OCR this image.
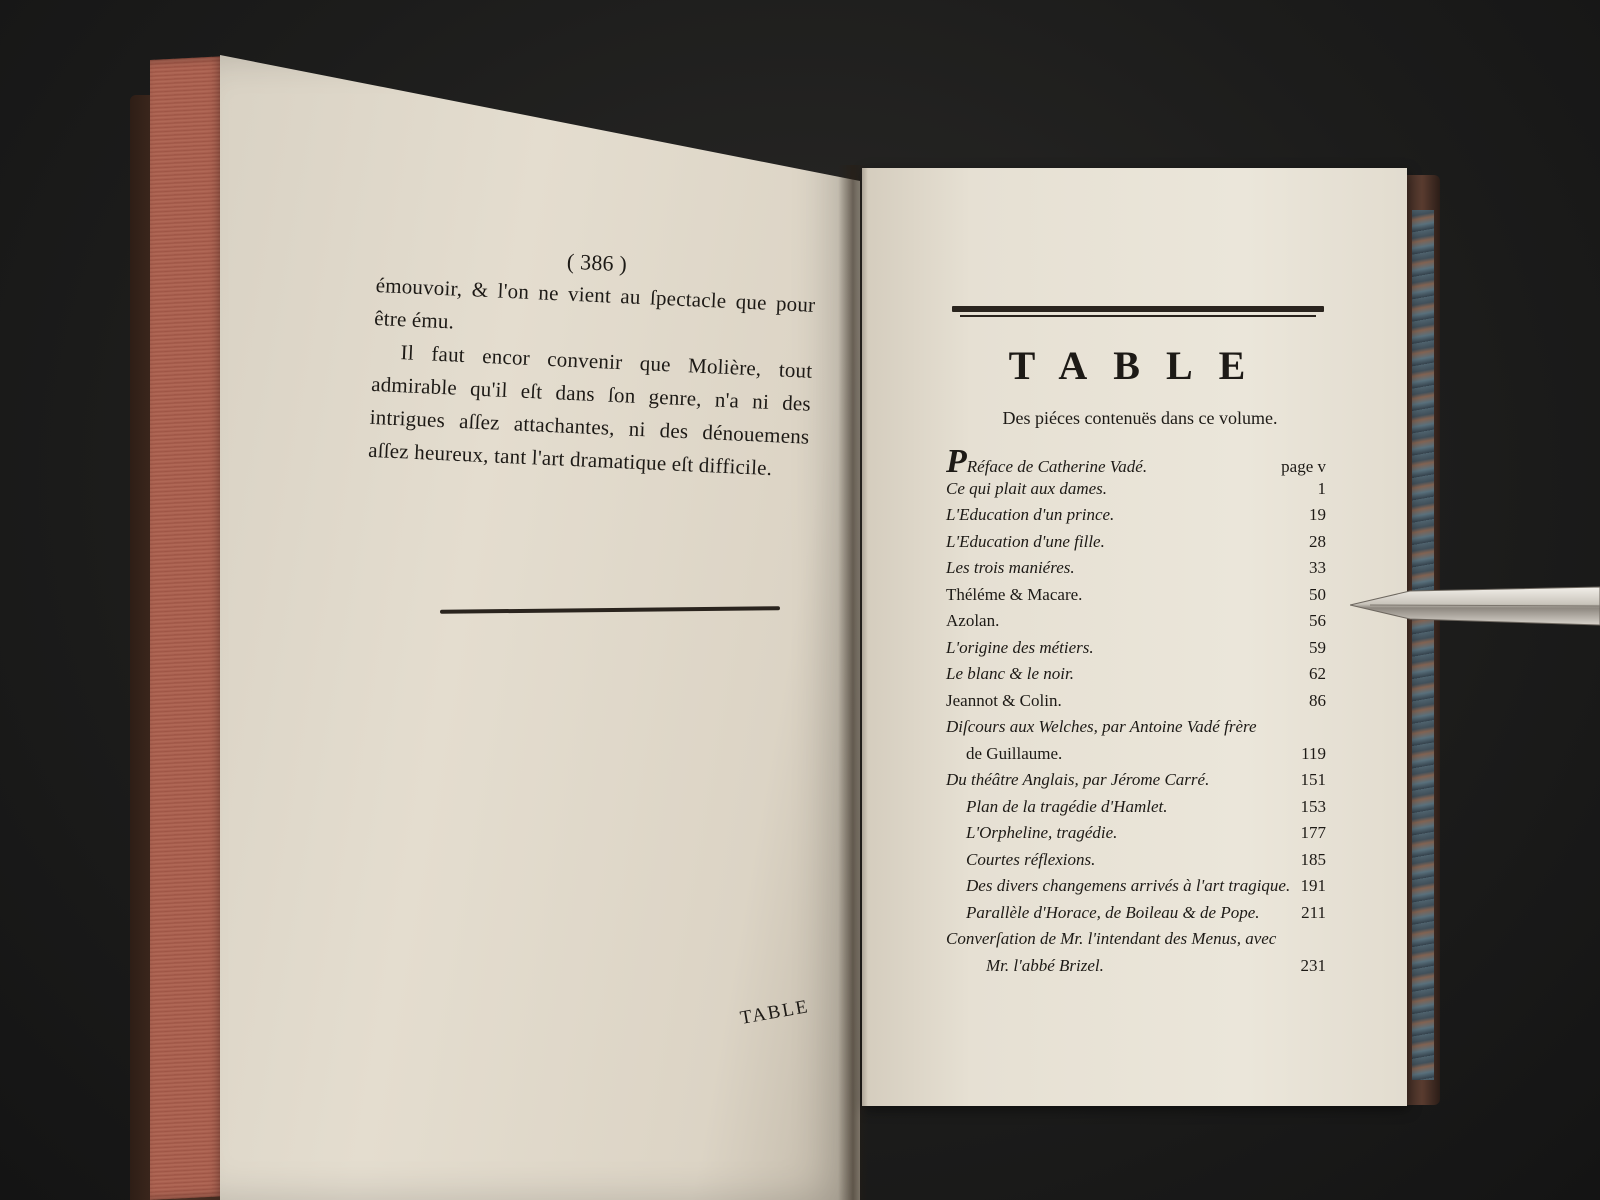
( 386 )

émouvoir, & l'on ne vient au ſpectacle que pour être ému.

Il faut encor convenir que Molière, tout admirable qu'il eſt dans ſon genre, n'a ni des intrigues aſſez attachantes, ni des dénouemens aſſez heureux, tant l'art dramatique eſt difficile.

TABLE
TABLE
Des piéces contenuës dans ce volume.
PRéface de Catherine Vadé.	page v
Ce qui plait aux dames.	1
L'Education d'un prince.	19
L'Education d'une fille.	28
Les trois maniéres.	33
Théléme & Macare.	50
Azolan.	56
L'origine des métiers.	59
Le blanc & le noir.	62
Jeannot & Colin.	86
Diſcours aux Welches, par Antoine Vadé frère
de Guillaume.	119
Du théâtre Anglais, par Jérome Carré.	151
Plan de la tragédie d'Hamlet.	153
L'Orpheline, tragédie.	177
Courtes réflexions.	185
Des divers changemens arrivés à l'art tragique. 191
Parallèle d'Horace, de Boileau & de Pope. 211
Converſation de Mr. l'intendant des Menus, avec
Mr. l'abbé Brizel.	231
